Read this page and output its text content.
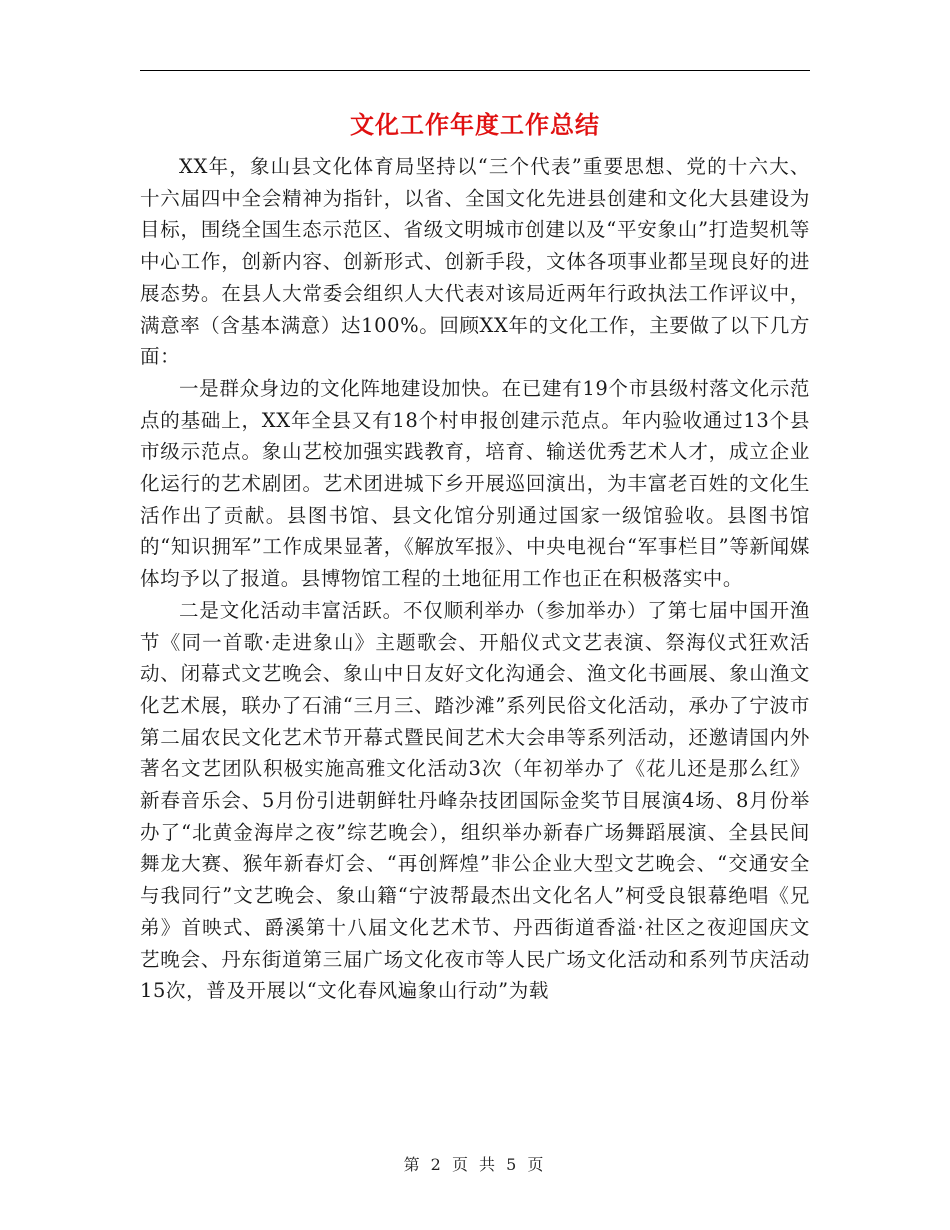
文化工作年度工作总结

XX年，象山县文化体育局坚持以“三个代表”重要思想、党的十六大、十六届四中全会精神为指针，以省、全国文化先进县创建和文化大县建设为目标，围绕全国生态示范区、省级文明城市创建以及“平安象山”打造契机等中心工作，创新内容、创新形式、创新手段，文体各项事业都呈现良好的进展态势。在县人大常委会组织人大代表对该局近两年行政执法工作评议中，满意率（含基本满意）达100%。回顾XX年的文化工作，主要做了以下几方面：

一是群众身边的文化阵地建设加快。在已建有19个市县级村落文化示范点的基础上，XX年全县又有18个村申报创建示范点。年内验收通过13个县市级示范点。象山艺校加强实践教育，培育、输送优秀艺术人才，成立企业化运行的艺术剧团。艺术团进城下乡开展巡回演出，为丰富老百姓的文化生活作出了贡献。县图书馆、县文化馆分别通过国家一级馆验收。县图书馆的“知识拥军”工作成果显著，《解放军报》、中央电视台“军事栏目”等新闻媒体均予以了报道。县博物馆工程的土地征用工作也正在积极落实中。

二是文化活动丰富活跃。不仅顺利举办（参加举办）了第七届中国开渔节《同一首歌·走进象山》主题歌会、开船仪式文艺表演、祭海仪式狂欢活动、闭幕式文艺晚会、象山中日友好文化沟通会、渔文化书画展、象山渔文化艺术展，联办了石浦“三月三、踏沙滩”系列民俗文化活动，承办了宁波市第二届农民文化艺术节开幕式暨民间艺术大会串等系列活动，还邀请国内外著名文艺团队积极实施高雅文化活动3次（年初举办了《花儿还是那么红》新春音乐会、5月份引进朝鲜牡丹峰杂技团国际金奖节目展演4场、8月份举办了“北黄金海岸之夜”综艺晚会），组织举办新春广场舞蹈展演、全县民间舞龙大赛、猴年新春灯会、“再创辉煌”非公企业大型文艺晚会、“交通安全与我同行”文艺晚会、象山籍“宁波帮最杰出文化名人”柯受良银幕绝唱《兄弟》首映式、爵溪第十八届文化艺术节、丹西街道香溢·社区之夜迎国庆文艺晚会、丹东街道第三届广场文化夜市等人民广场文化活动和系列节庆活动15次，普及开展以“文化春风遍象山行动”为载

第 2 页 共 5 页
